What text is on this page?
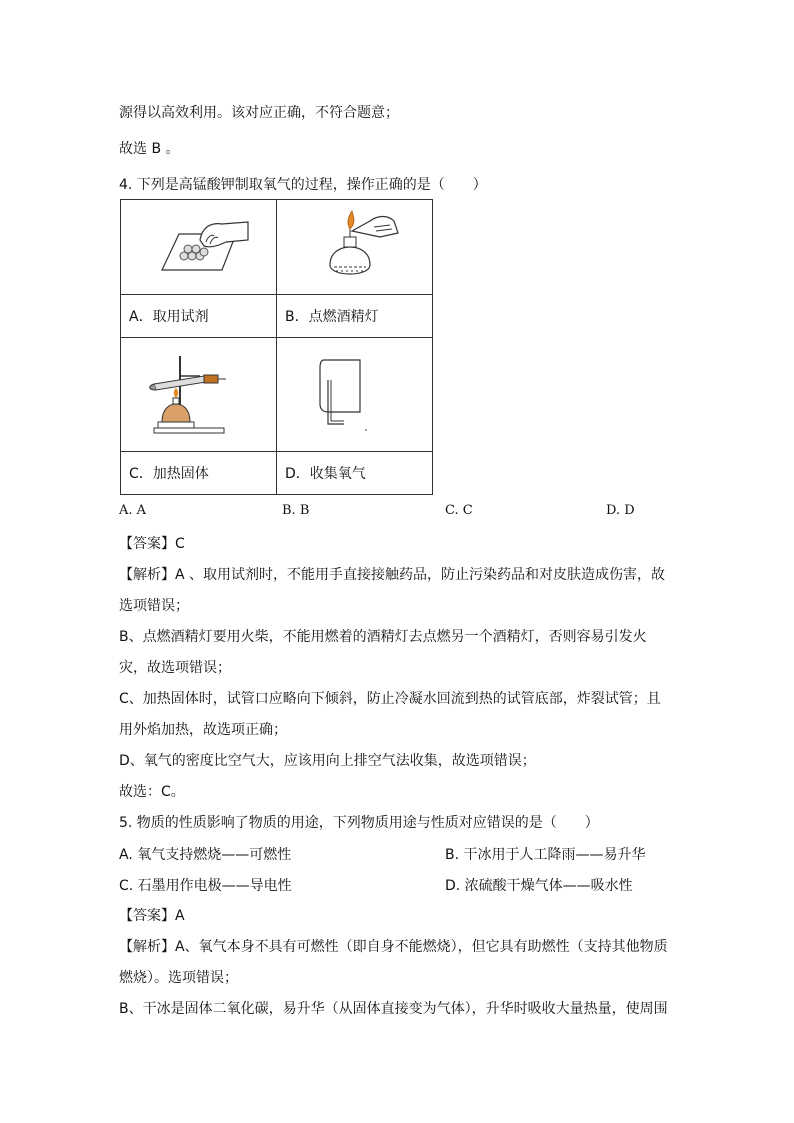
源得以高效利用。该对应正确，不符合题意；
故选 B 。
4. 下列是高锰酸钾制取氧气的过程，操作正确的是（　　）

A．取用试剂	B．点燃酒精灯

C．加热固体	D．收集氧气
A. A	B. B	C. C	D. D
【答案】C
【解析】A 、取用试剂时，不能用手直接接触药品，防止污染药品和对皮肤造成伤害，故
选项错误；
B、点燃酒精灯要用火柴，不能用燃着的酒精灯去点燃另一个酒精灯，否则容易引发火
灾，故选项错误；
C、加热固体时，试管口应略向下倾斜，防止冷凝水回流到热的试管底部，炸裂试管；且
用外焰加热，故选项正确；
D、氧气的密度比空气大，应该用向上排空气法收集，故选项错误；
故选：C。
5. 物质的性质影响了物质的用途，下列物质用途与性质对应错误的是（　　）
A. 氧气支持燃烧——可燃性	B. 干冰用于人工降雨——易升华
C. 石墨用作电极——导电性	D. 浓硫酸干燥气体——吸水性
【答案】A
【解析】A、氧气本身不具有可燃性（即自身不能燃烧），但它具有助燃性（支持其他物质
燃烧）。选项错误；
B、干冰是固体二氧化碳，易升华（从固体直接变为气体），升华时吸收大量热量，使周围
